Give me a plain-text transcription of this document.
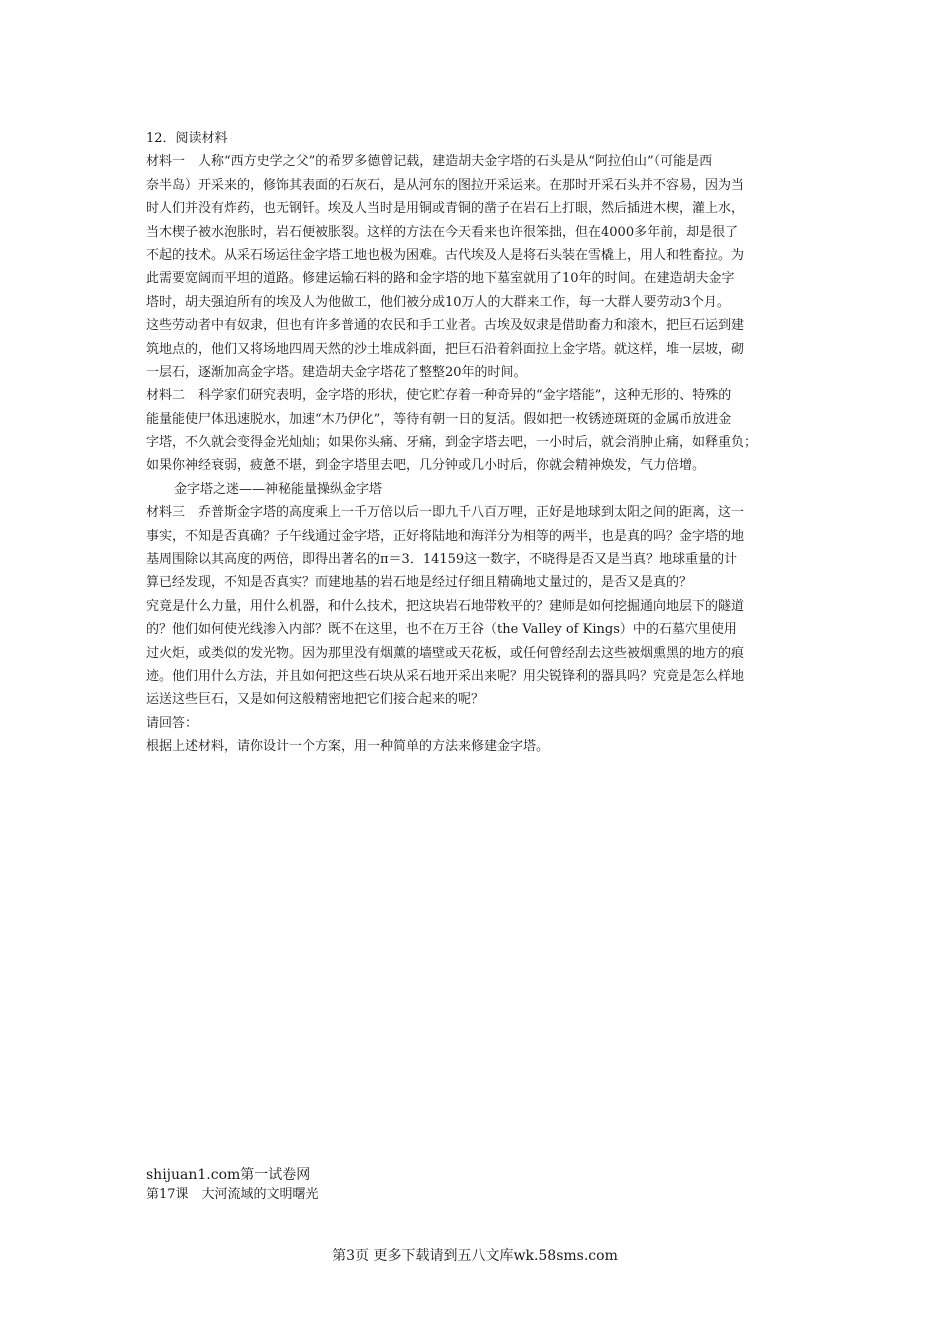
12．阅读材料
材料一　人称“西方史学之父”的希罗多德曾记载，建造胡夫金字塔的石头是从“阿拉伯山”（可能是西
奈半岛）开采来的，修饰其表面的石灰石，是从河东的图拉开采运来。在那时开采石头并不容易，因为当
时人们并没有炸药，也无钢钎。埃及人当时是用铜或青铜的凿子在岩石上打眼，然后插进木楔，灌上水，
当木楔子被水泡胀时，岩石便被胀裂。这样的方法在今天看来也许很笨拙，但在4000多年前，却是很了
不起的技术。从采石场运往金字塔工地也极为困难。古代埃及人是将石头装在雪橇上，用人和牲畜拉。为
此需要宽阔而平坦的道路。修建运输石料的路和金字塔的地下墓室就用了10年的时间。在建造胡夫金字
塔时，胡夫强迫所有的埃及人为他做工，他们被分成10万人的大群来工作，每一大群人要劳动3个月。
这些劳动者中有奴隶，但也有许多普通的农民和手工业者。古埃及奴隶是借助畜力和滚木，把巨石运到建
筑地点的，他们又将场地四周天然的沙土堆成斜面，把巨石沿着斜面拉上金字塔。就这样，堆一层坡，砌
一层石，逐渐加高金字塔。建造胡夫金字塔花了整整20年的时间。
材料二　科学家们研究表明，金字塔的形状，使它贮存着一种奇异的“金字塔能”，这种无形的、特殊的
能量能使尸体迅速脱水，加速“木乃伊化”，等待有朝一日的复活。假如把一枚锈迹斑斑的金属币放进金
字塔，不久就会变得金光灿灿；如果你头痛、牙痛，到金字塔去吧，一小时后，就会消肿止痛，如释重负；
如果你神经衰弱，疲惫不堪，到金字塔里去吧，几分钟或几小时后，你就会精神焕发，气力倍增。
金字塔之迷——神秘能量操纵金字塔
材料三　乔普斯金字塔的高度乘上一千万倍以后一即九千八百万哩，正好是地球到太阳之间的距离，这一
事实，不知是否真确？子午线通过金字塔，正好将陆地和海洋分为相等的两半，也是真的吗？金字塔的地
基周围除以其高度的两倍，即得出著名的π＝3．14159这一数字，不晓得是否又是当真？地球重量的计
算已经发现，不知是否真实？而建地基的岩石地是经过仔细且精确地丈量过的，是否又是真的？
究竟是什么力量，用什么机器，和什么技术，把这块岩石地带敉平的？建师是如何挖掘通向地层下的隧道
的？他们如何使光线渗入内部？既不在这里，也不在万王谷（the Valley of Kings）中的石墓穴里使用
过火炬，或类似的发光物。因为那里没有烟薰的墙壁或天花板，或任何曾经刮去这些被烟熏黑的地方的痕
迹。他们用什么方法，并且如何把这些石块从采石地开采出来呢？用尖锐锋利的器具吗？究竟是怎么样地
运送这些巨石，又是如何这般精密地把它们接合起来的呢？
请回答：
根据上述材料，请你设计一个方案，用一种简单的方法来修建金字塔。
shijuan1.com第一试卷网
第17课　大河流域的文明曙光
第3页 更多下载请到五八文库wk.58sms.com
